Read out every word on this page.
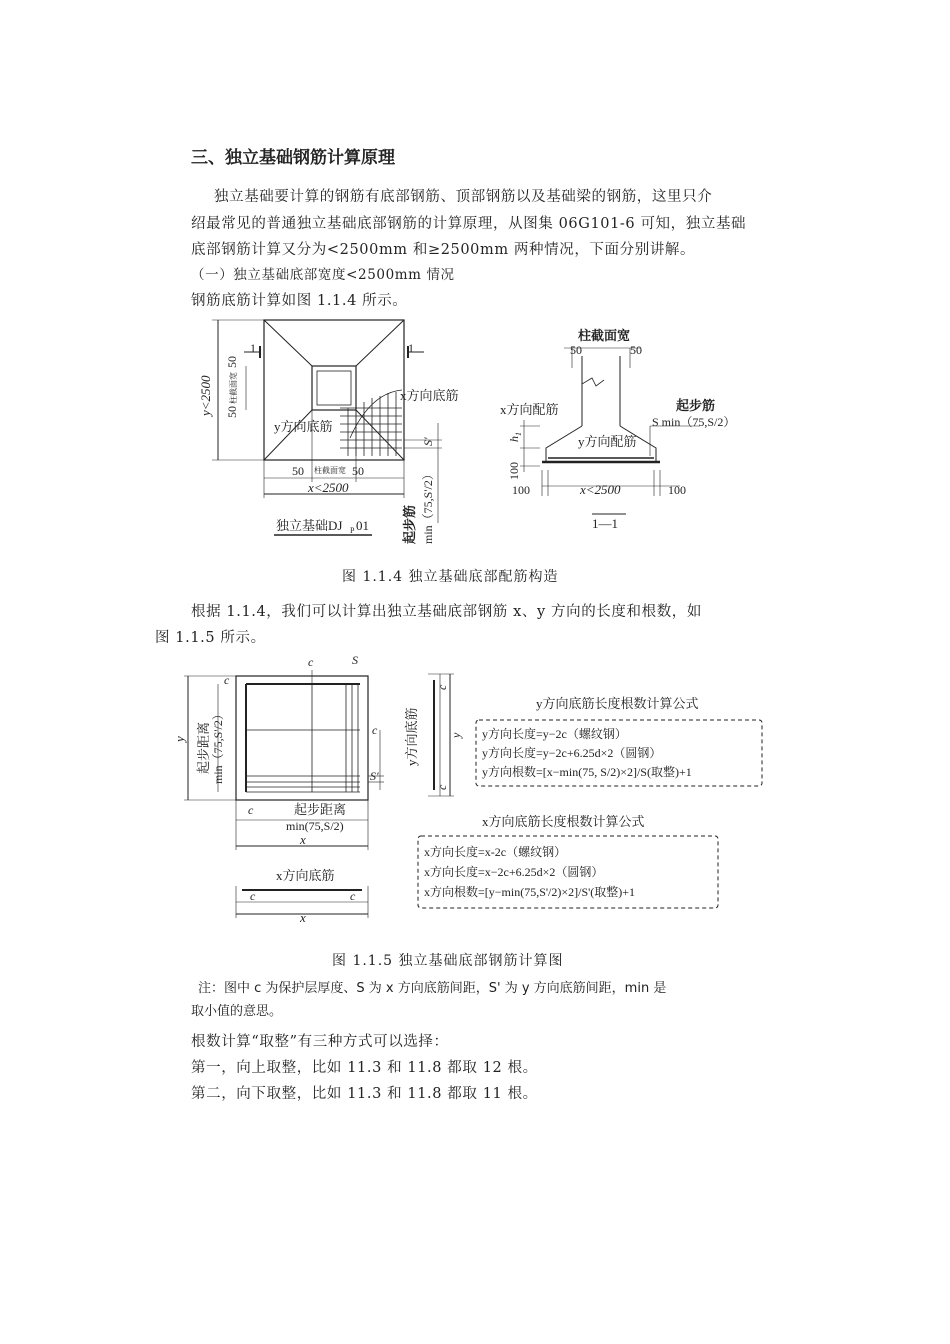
三、独立基础钢筋计算原理
独立基础要计算的钢筋有底部钢筋、顶部钢筋以及基础梁的钢筋，这里只介
绍最常见的普通独立基础底部钢筋的计算原理，从图集 06G101-6 可知，独立基础
底部钢筋计算又分为<2500mm 和≥2500mm 两种情况，下面分别讲解。
（一）独立基础底部宽度<2500mm 情况
钢筋底筋计算如图 1.1.4 所示。
y<2500
50
50
柱截面宽
1	1
x方向底筋
y方向底筋
50 柱截面宽 50
x<2500
S'
min（75,S'/2）
起步筋
独立基础DJ P 01
柱截面宽
50	50
x方向配筋
y方向配筋
起步筋
S min（75,S/2）
$h_1$
100
100	x<2500	100
1—1
图 1.1.4 独立基础底部配筋构造
根据 1.1.4，我们可以计算出独立基础底部钢筋 x、y 方向的长度和根数，如
图 1.1.5 所示。
c
c	S
c
S'
c
y 起步距离 min（75,S'/2）
起步距离
min(75,S/2)
x
x方向底筋
c	c
x
y方向底筋
c
y
c
y方向底筋长度根数计算公式
y方向长度=y−2c（螺纹钢）
y方向长度=y−2c+6.25d×2（圆钢）
y方向根数=[x−min(75, S/2)×2]/S(取整)+1
x方向底筋长度根数计算公式
x方向长度=x-2c（螺纹钢）
x方向长度=x−2c+6.25d×2（圆钢）
x方向根数=[y−min(75,S'/2)×2]/S'(取整)+1
图 1.1.5 独立基础底部钢筋计算图
注：图中 c 为保护层厚度、S 为 x 方向底筋间距，S' 为 y 方向底筋间距，min 是
取小值的意思。
根数计算“取整”有三种方式可以选择：
第一，向上取整，比如 11.3 和 11.8 都取 12 根。
第二，向下取整，比如 11.3 和 11.8 都取 11 根。
